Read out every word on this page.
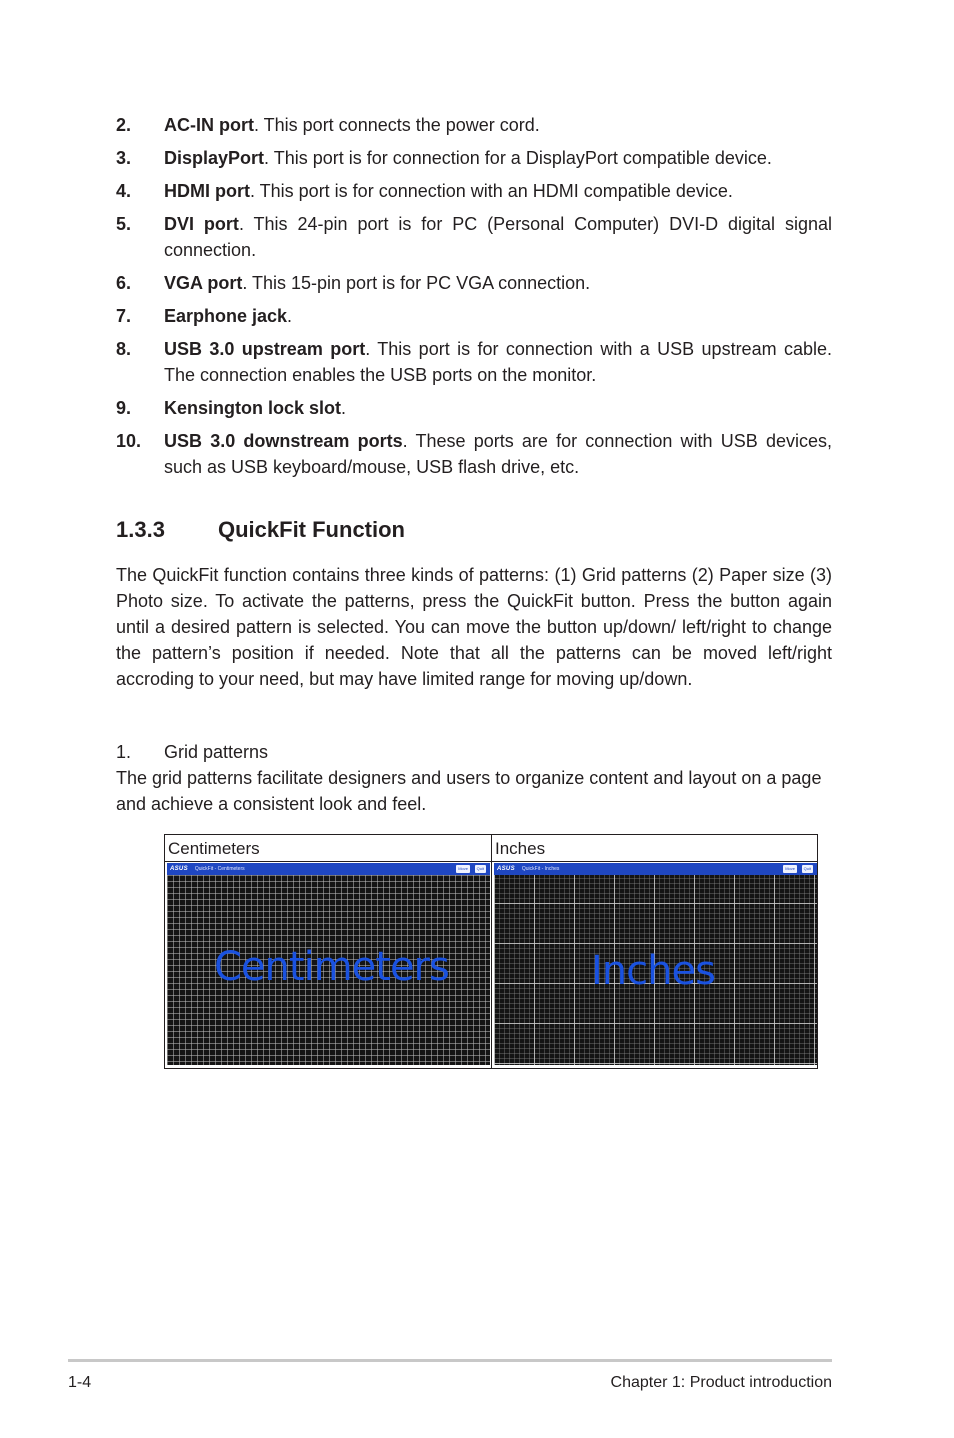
2.	AC-IN port. This port connects the power cord.
3.	DisplayPort. This port is for connection for a DisplayPort compatible device.
4.	HDMI port. This port is for connection with an HDMI compatible device.
5.	DVI port. This 24-pin port is for PC (Personal Computer) DVI-D digital signal connection.
6.	VGA port. This 15-pin port is for PC VGA connection.
7.	Earphone jack.
8.	USB 3.0 upstream port. This port is for connection with a USB upstream cable. The connection enables the USB ports on the monitor.
9.	Kensington lock slot.
10.	USB 3.0 downstream ports. These ports are for connection with USB devices, such as USB keyboard/mouse, USB flash drive, etc.
1.3.3	QuickFit Function

The QuickFit function contains three kinds of patterns: (1) Grid patterns (2) Paper size (3) Photo size. To activate the patterns, press the QuickFit button. Press the button again until a desired pattern is selected. You can move the button up/down/ left/right to change the pattern’s position if needed. Note that all the patterns can be moved left/right accroding to your need, but may have limited range for moving up/down.

1.	Grid patterns

The grid patterns facilitate designers and users to organize content and layout on a page and achieve a consistent look and feel.

Centimeters	Inches
ASUS QuickFit - Centimeters	Move	Quit
Centimeters
ASUS QuickFit - Inches	Move	Quit
Inches
1-4	Chapter 1: Product introduction
